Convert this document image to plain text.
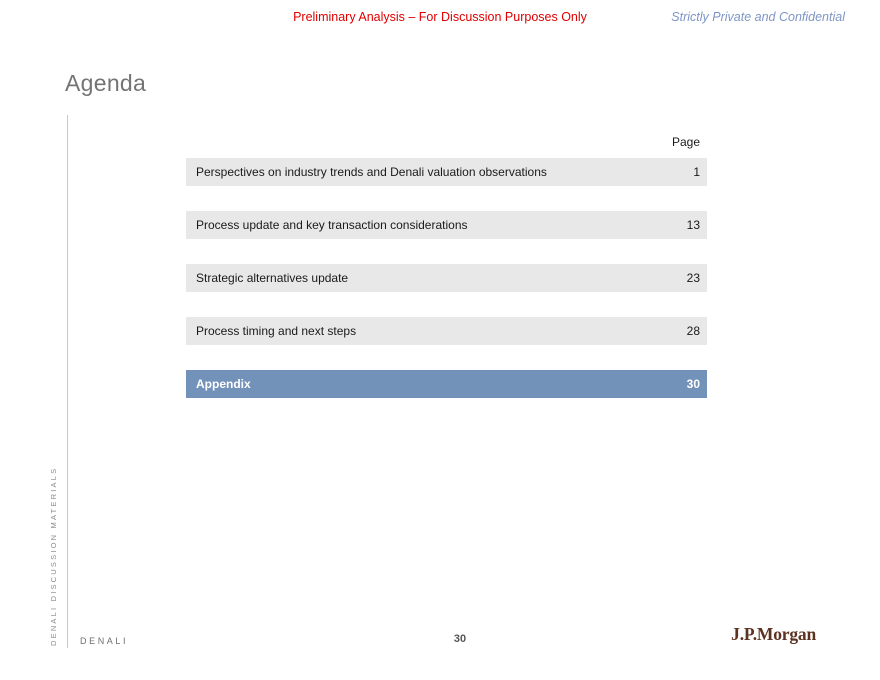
Preliminary Analysis – For Discussion Purposes Only	Strictly Private and Confidential
Agenda
DENALI DISCUSSION MATERIALS
Page
Perspectives on industry trends and Denali valuation observations	1
Process update and key transaction considerations	13
Strategic alternatives update	23
Process timing and next steps	28
Appendix	30
DENALI	30	J.P.Morgan
